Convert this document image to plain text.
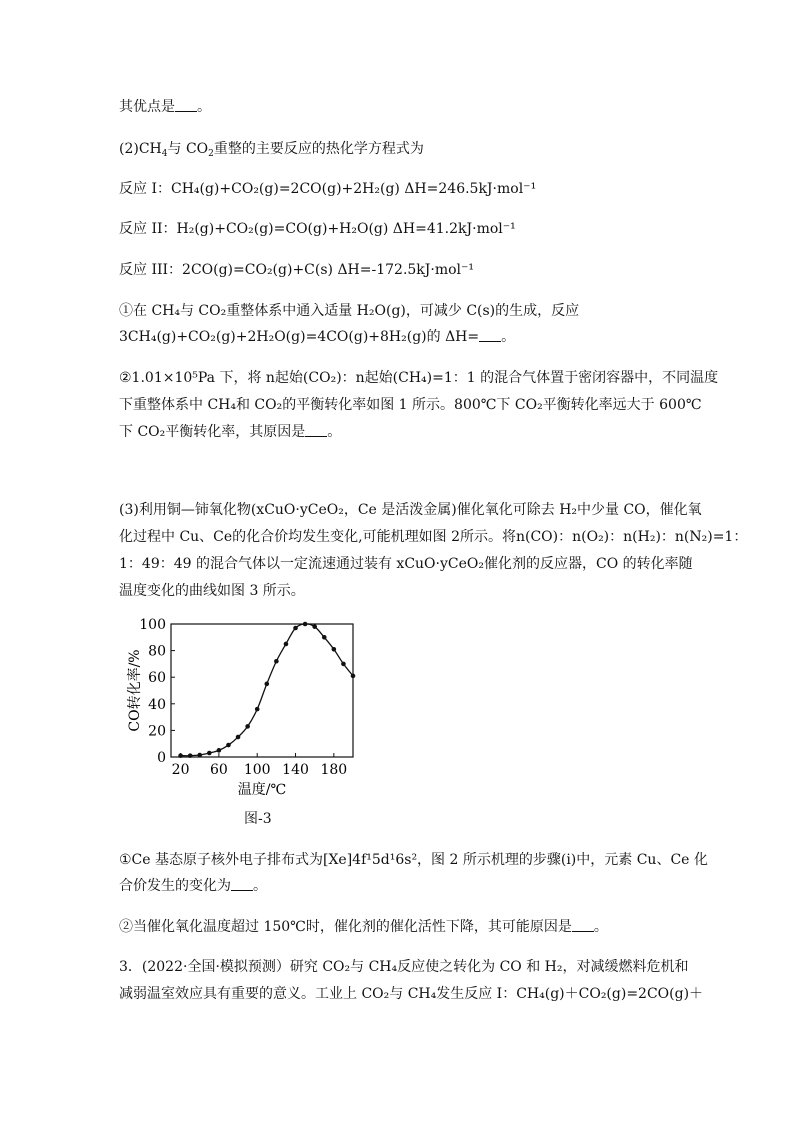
其优点是 。
$(2)CH_4$与 $CO_2$重整的主要反应的热化学方程式为
反应 I：CH₄(g)+CO₂(g)=2CO(g)+2H₂(g) ΔH=246.5kJ·mol⁻¹
反应 II：H₂(g)+CO₂(g)=CO(g)+H₂O(g) ΔH=41.2kJ·mol⁻¹
反应 III：2CO(g)=CO₂(g)+C(s) ΔH=-172.5kJ·mol⁻¹
①在 CH₄与 CO₂重整体系中通入适量 H₂O(g)，可减少 C(s)的生成，反应
3CH₄(g)+CO₂(g)+2H₂O(g)=4CO(g)+8H₂(g)的 ΔH= 。
②1.01×10⁵Pa 下，将 n起始(CO₂)：n起始(CH₄)=1：1 的混合气体置于密闭容器中，不同温度
下重整体系中 CH₄和 CO₂的平衡转化率如图 1 所示。800℃下 CO₂平衡转化率远大于 600℃
下 CO₂平衡转化率，其原因是 。
(3)利用铜—铈氧化物(xCuO·yCeO₂，Ce 是活泼金属)催化氧化可除去 H₂中少量 CO，催化氧
化过程中 Cu、Ce的化合价均发生变化,可能机理如图 2所示。将n(CO)：n(O₂)：n(H₂)：n(N₂)=1：
1：49：49 的混合气体以一定流速通过装有 xCuO·yCeO₂催化剂的反应器，CO 的转化率随
温度变化的曲线如图 3 所示。
0
20
40
60
80
100
20 60 100 140 180
温度/℃
CO转化率/%
图-3
①Ce 基态原子核外电子排布式为[Xe]4f¹5d¹6s²，图 2 所示机理的步骤(i)中，元素 Cu、Ce 化
合价发生的变化为 。
②当催化氧化温度超过 150℃时，催化剂的催化活性下降，其可能原因是 。
3．(2022·全国·模拟预测）研究 CO₂与 CH₄反应使之转化为 CO 和 H₂，对减缓燃料危机和
减弱温室效应具有重要的意义。工业上 CO₂与 CH₄发生反应 I：CH₄(g)＋CO₂(g)=2CO(g)＋
